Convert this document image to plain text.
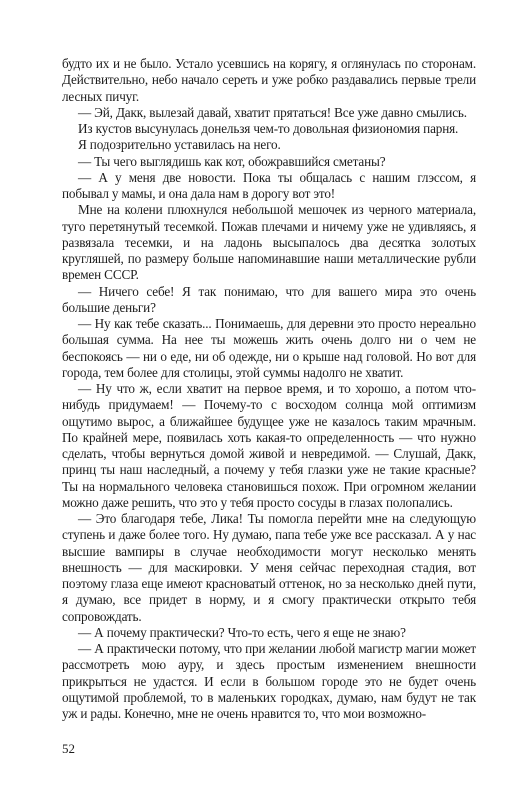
будто их и не было. Устало усевшись на корягу, я оглянулась по сторонам. Действительно, небо начало сереть и уже робко раздавались первые трели лесных пичуг.

— Эй, Дакк, вылезай давай, хватит прятаться! Все уже давно смылись.

Из кустов высунулась донельзя чем-то довольная физиономия парня.

Я подозрительно уставилась на него.

— Ты чего выглядишь как кот, обожравшийся сметаны?

— А у меня две новости. Пока ты общалась с нашим глэссом, я побывал у мамы, и она дала нам в дорогу вот это!

Мне на колени плюхнулся небольшой мешочек из черного материала, туго перетянутый тесемкой. Пожав плечами и ничему уже не удивляясь, я развязала тесемки, и на ладонь высыпалось два десятка золотых кругляшей, по размеру больше напоминавшие наши металлические рубли времен СССР.

— Ничего себе! Я так понимаю, что для вашего мира это очень большие деньги?

— Ну как тебе сказать... Понимаешь, для деревни это просто нереально большая сумма. На нее ты можешь жить очень долго ни о чем не беспокоясь — ни о еде, ни об одежде, ни о крыше над головой. Но вот для города, тем более для столицы, этой суммы надолго не хватит.

— Ну что ж, если хватит на первое время, и то хорошо, а потом что-нибудь придумаем! — Почему-то с восходом солнца мой оптимизм ощутимо вырос, а ближайшее будущее уже не казалось таким мрачным. По крайней мере, появилась хоть какая-то определенность — что нужно сделать, чтобы вернуться домой живой и невредимой. — Слушай, Дакк, принц ты наш наследный, а почему у тебя глазки уже не такие красные? Ты на нормального человека становишься похож. При огромном желании можно даже решить, что это у тебя просто сосуды в глазах полопались.

— Это благодаря тебе, Лика! Ты помогла перейти мне на следующую ступень и даже более того. Ну думаю, папа тебе уже все рассказал. А у нас высшие вампиры в случае необходимости могут несколько менять внешность — для маскировки. У меня сейчас переходная стадия, вот поэтому глаза еще имеют красноватый оттенок, но за несколько дней пути, я думаю, все придет в норму, и я смогу практически открыто тебя сопровождать.

— А почему практически? Что-то есть, чего я еще не знаю?

— А практически потому, что при желании любой магистр магии может рассмотреть мою ауру, и здесь простым изменением внешности прикрыться не удастся. И если в большом городе это не будет очень ощутимой проблемой, то в маленьких городках, думаю, нам будут не так уж и рады. Конечно, мне не очень нравится то, что мои возможно-

52
